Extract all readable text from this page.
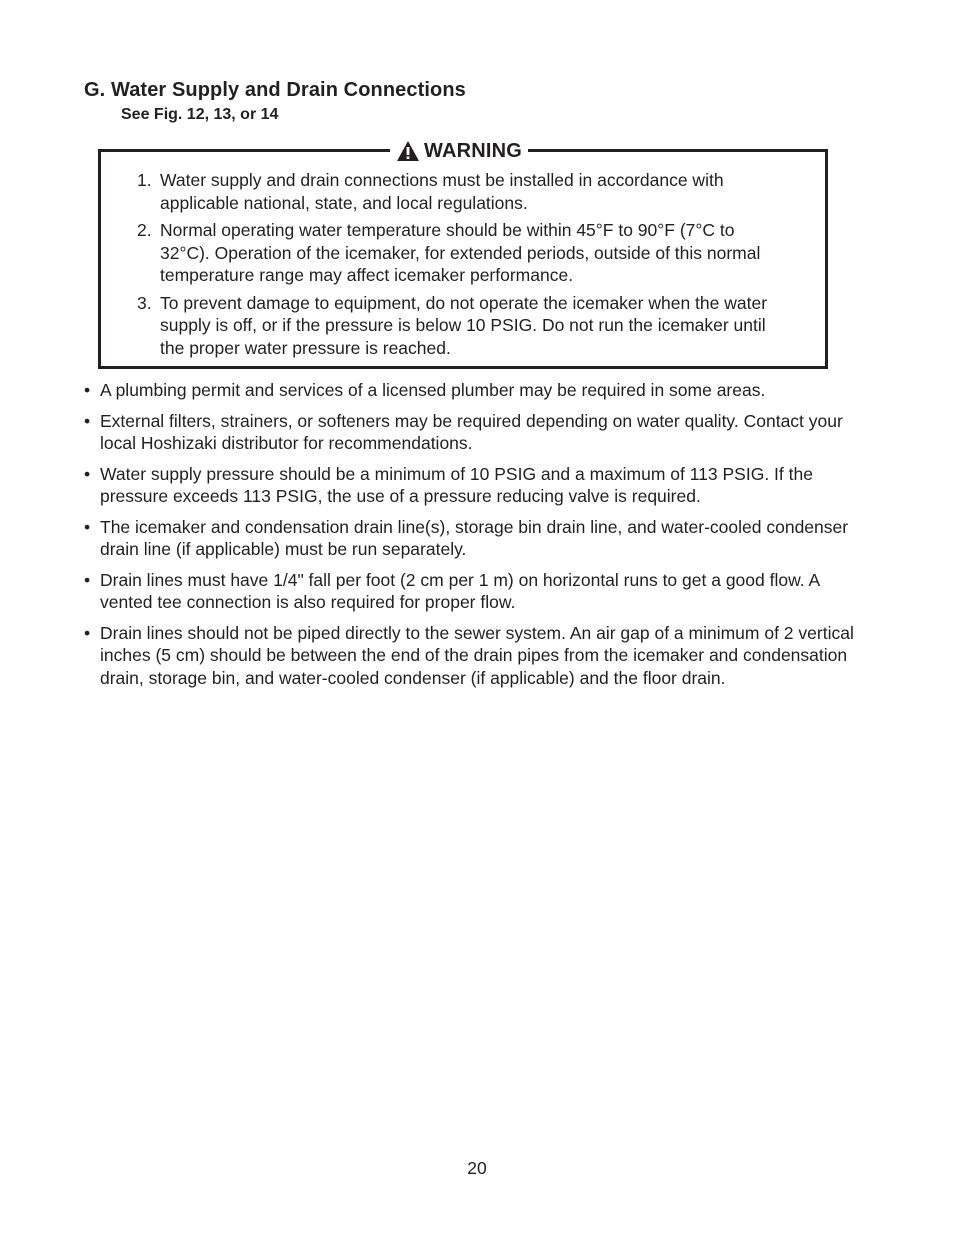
G. Water Supply and Drain Connections
See Fig. 12, 13, or 14
WARNING
1. Water supply and drain connections must be installed in accordance with applicable national, state, and local regulations.
2. Normal operating water temperature should be within 45°F to 90°F (7°C to 32°C). Operation of the icemaker, for extended periods, outside of this normal temperature range may affect icemaker performance.
3. To prevent damage to equipment, do not operate the icemaker when the water supply is off, or if the pressure is below 10 PSIG. Do not run the icemaker until the proper water pressure is reached.
• A plumbing permit and services of a licensed plumber may be required in some areas.
• External filters, strainers, or softeners may be required depending on water quality. Contact your local Hoshizaki distributor for recommendations.
• Water supply pressure should be a minimum of 10 PSIG and a maximum of 113 PSIG. If the pressure exceeds 113 PSIG, the use of a pressure reducing valve is required.
• The icemaker and condensation drain line(s), storage bin drain line, and water-cooled condenser drain line (if applicable) must be run separately.
• Drain lines must have 1/4" fall per foot (2 cm per 1 m) on horizontal runs to get a good flow. A vented tee connection is also required for proper flow.
• Drain lines should not be piped directly to the sewer system. An air gap of a minimum of 2 vertical inches (5 cm) should be between the end of the drain pipes from the icemaker and condensation drain, storage bin, and water-cooled condenser (if applicable) and the floor drain.
20
